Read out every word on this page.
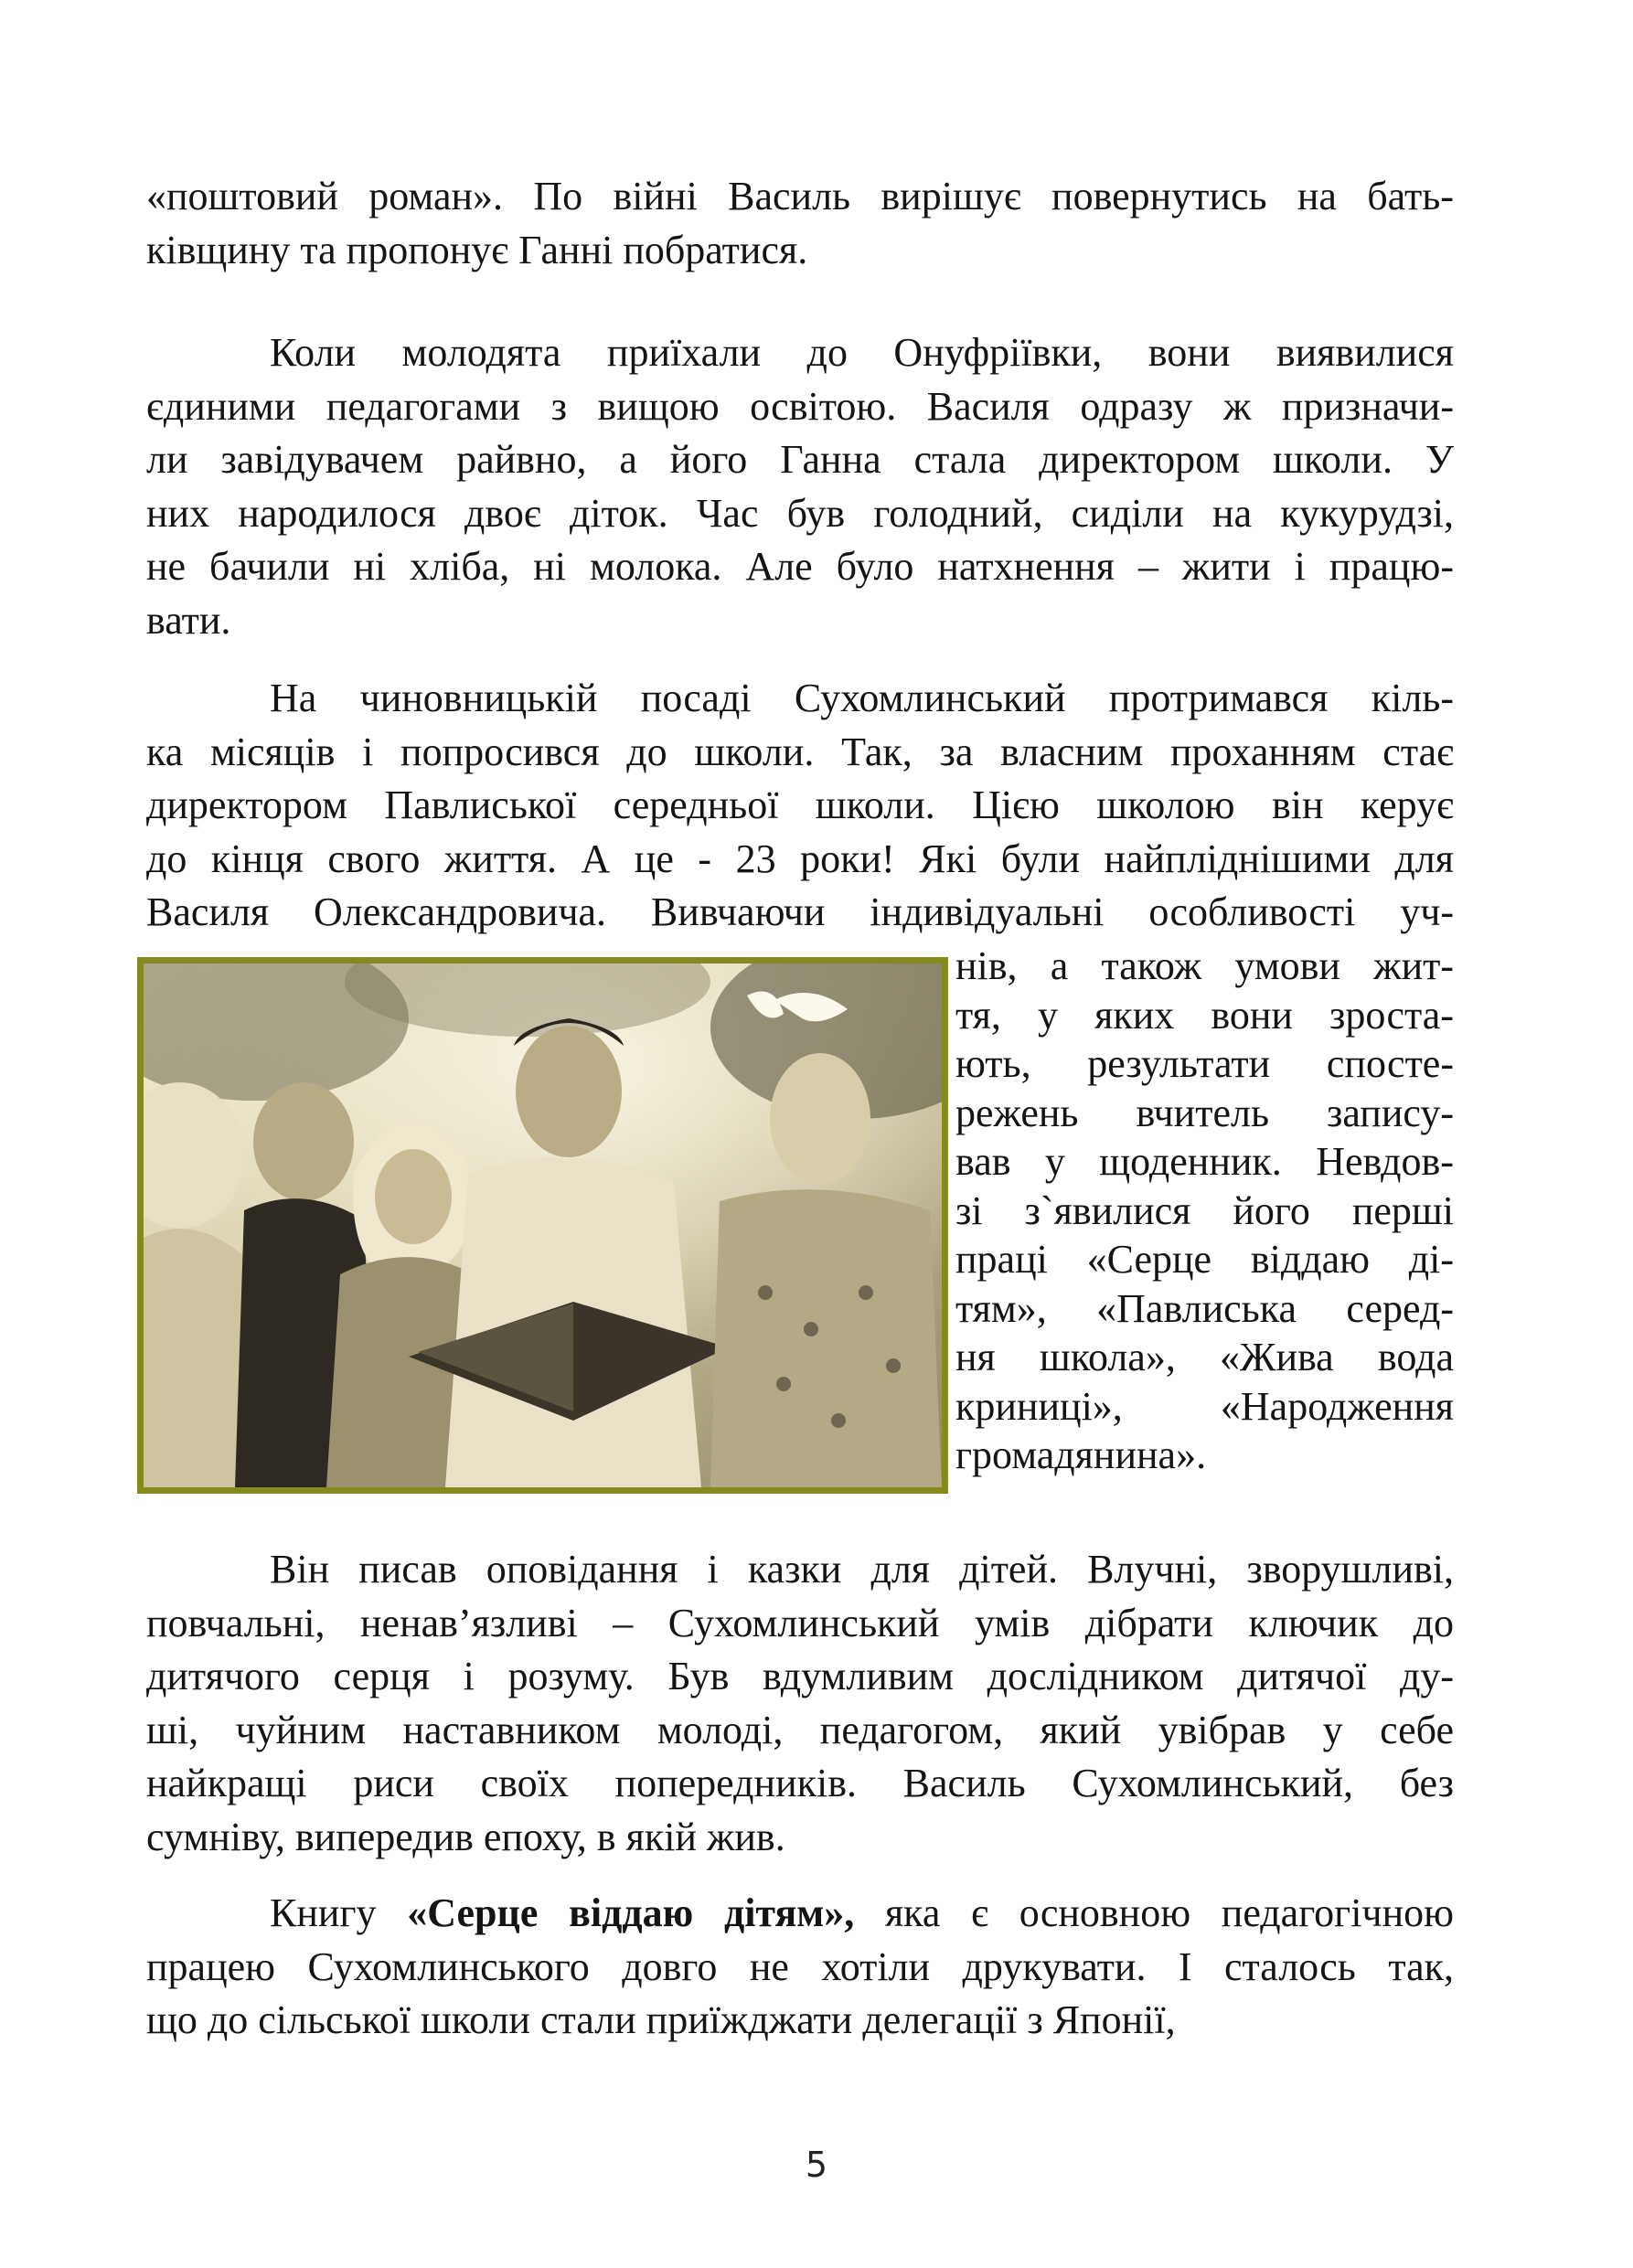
«поштовий роман». По війні Василь вирішує повернутись на бать-
ківщину та пропонує Ганні побратися.
Коли молодята приїхали до Онуфріївки, вони виявилися
єдиними педагогами з вищою освітою. Василя одразу ж призначи-
ли завідувачем райвно, а його Ганна стала директором школи. У
них народилося двоє діток. Час був голодний, сиділи на кукурудзі,
не бачили ні хліба, ні молока. Але було натхнення – жити і працю-
вати.
На чиновницькій посаді Сухомлинський протримався кіль-
ка місяців і попросився до школи. Так, за власним проханням стає
директором Павлиської середньої школи. Цією школою він керує
до кінця свого життя. А це - 23 роки! Які були найпліднішими для
Василя Олександровича. Вивчаючи індивідуальні особливості уч-
нів, а також умови жит-
тя, у яких вони зроста-
ють, результати спосте-
режень вчитель запису-
вав у щоденник. Невдов-
зі з`явилися його перші
праці «Серце віддаю ді-
тям», «Павлиська серед-
ня школа», «Жива вода
криниці», «Народження
громадянина».
Він писав оповідання і казки для дітей. Влучні, зворушливі,
повчальні, ненав’язливі – Сухомлинський умів дібрати ключик до
дитячого серця і розуму. Був вдумливим дослідником дитячої ду-
ші, чуйним наставником молоді, педагогом, який увібрав у себе
найкращі риси своїх попередників. Василь Сухомлинський, без
сумніву, випередив епоху, в якій жив.
Книгу «Серце віддаю дітям», яка є основною педагогічною
працею Сухомлинського довго не хотіли друкувати. І сталось так,
що до сільської школи стали приїжджати делегації з Японії,
5
